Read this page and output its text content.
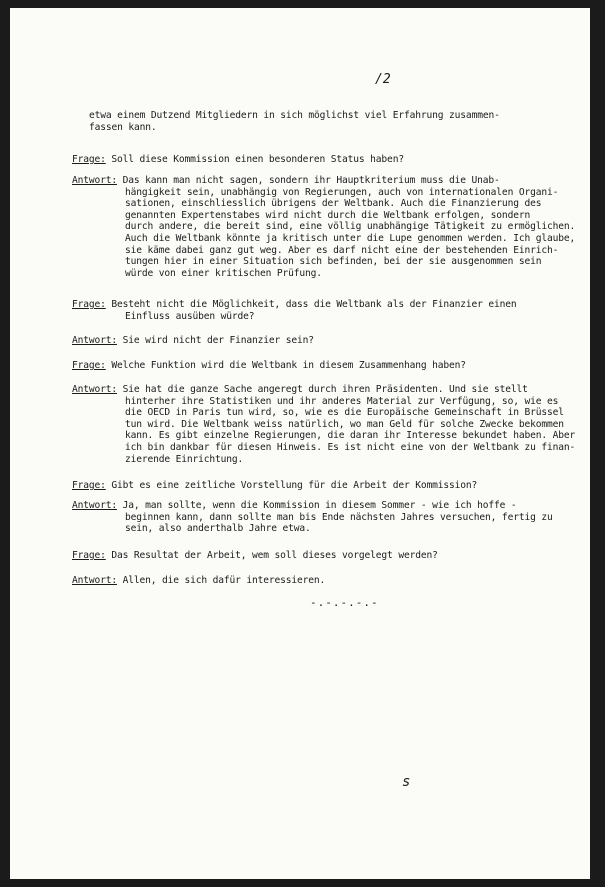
/2
etwa einem Dutzend Mitgliedern in sich möglichst viel Erfahrung zusammen-
fassen kann.
Frage: Soll diese Kommission einen besonderen Status haben?
Antwort: Das kann man nicht sagen, sondern ihr Hauptkriterium muss die Unab-
hängigkeit sein, unabhängig von Regierungen, auch von internationalen Organi-
sationen, einschliesslich übrigens der Weltbank. Auch die Finanzierung des
genannten Expertenstabes wird nicht durch die Weltbank erfolgen, sondern
durch andere, die bereit sind, eine völlig unabhängige Tätigkeit zu ermöglichen.
Auch die Weltbank könnte ja kritisch unter die Lupe genommen werden. Ich glaube,
sie käme dabei ganz gut weg. Aber es darf nicht eine der bestehenden Einrich-
tungen hier in einer Situation sich befinden, bei der sie ausgenommen sein
würde von einer kritischen Prüfung.
Frage: Besteht nicht die Möglichkeit, dass die Weltbank als der Finanzier einen
Einfluss ausüben würde?
Antwort: Sie wird nicht der Finanzier sein?
Frage: Welche Funktion wird die Weltbank in diesem Zusammenhang haben?
Antwort: Sie hat die ganze Sache angeregt durch ihren Präsidenten. Und sie stellt
hinterher ihre Statistiken und ihr anderes Material zur Verfügung, so, wie es
die OECD in Paris tun wird, so, wie es die Europäische Gemeinschaft in Brüssel
tun wird. Die Weltbank weiss natürlich, wo man Geld für solche Zwecke bekommen
kann. Es gibt einzelne Regierungen, die daran ihr Interesse bekundet haben. Aber
ich bin dankbar für diesen Hinweis. Es ist nicht eine von der Weltbank zu finan-
zierende Einrichtung.
Frage: Gibt es eine zeitliche Vorstellung für die Arbeit der Kommission?
Antwort: Ja, man sollte, wenn die Kommission in diesem Sommer - wie ich hoffe -
beginnen kann, dann sollte man bis Ende nächsten Jahres versuchen, fertig zu
sein, also anderthalb Jahre etwa.
Frage: Das Resultat der Arbeit, wem soll dieses vorgelegt werden?
Antwort: Allen, die sich dafür interessieren.
-.-.-.-.-
s
